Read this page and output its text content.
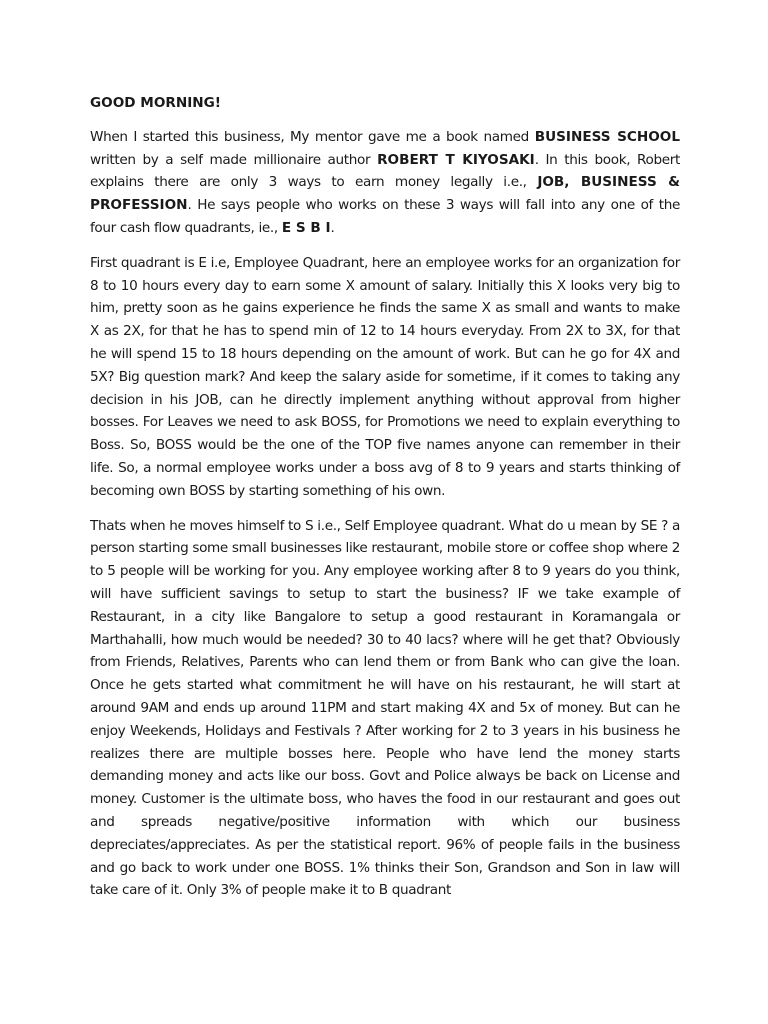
GOOD MORNING!

When I started this business, My mentor gave me a book named BUSINESS SCHOOL written by a self made millionaire author ROBERT T KIYOSAKI. In this book, Robert explains there are only 3 ways to earn money legally i.e., JOB, BUSINESS & PROFESSION. He says people who works on these 3 ways will fall into any one of the four cash flow quadrants, ie., E S B I.

First quadrant is E i.e, Employee Quadrant, here an employee works for an organization for 8 to 10 hours every day to earn some X amount of salary. Initially this X looks very big to him, pretty soon as he gains experience he finds the same X as small and wants to make X as 2X, for that he has to spend min of 12 to 14 hours everyday. From 2X to 3X, for that he will spend 15 to 18 hours depending on the amount of work. But can he go for 4X and 5X? Big question mark? And keep the salary aside for sometime, if it comes to taking any decision in his JOB, can he directly implement anything without approval from higher bosses. For Leaves we need to ask BOSS, for Promotions we need to explain everything to Boss. So, BOSS would be the one of the TOP five names anyone can remember in their life. So, a normal employee works under a boss avg of 8 to 9 years and starts thinking of becoming own BOSS by starting something of his own.

Thats when he moves himself to S i.e., Self Employee quadrant. What do u mean by SE ? a person starting some small businesses like restaurant, mobile store or coffee shop where 2 to 5 people will be working for you. Any employee working after 8 to 9 years do you think, will have sufficient savings to setup to start the business? IF we take example of Restaurant, in a city like Bangalore to setup a good restaurant in Koramangala or Marthahalli, how much would be needed? 30 to 40 lacs? where will he get that? Obviously from Friends, Relatives, Parents who can lend them or from Bank who can give the loan. Once he gets started what commitment he will have on his restaurant, he will start at around 9AM and ends up around 11PM and start making 4X and 5x of money. But can he enjoy Weekends, Holidays and Festivals ? After working for 2 to 3 years in his business he realizes there are multiple bosses here. People who have lend the money starts demanding money and acts like our boss. Govt and Police always be back on License and money. Customer is the ultimate boss, who haves the food in our restaurant and goes out and spreads negative/positive information with which our business depreciates/appreciates. As per the statistical report. 96% of people fails in the business and go back to work under one BOSS. 1% thinks their Son, Grandson and Son in law will take care of it. Only 3% of people make it to B quadrant
